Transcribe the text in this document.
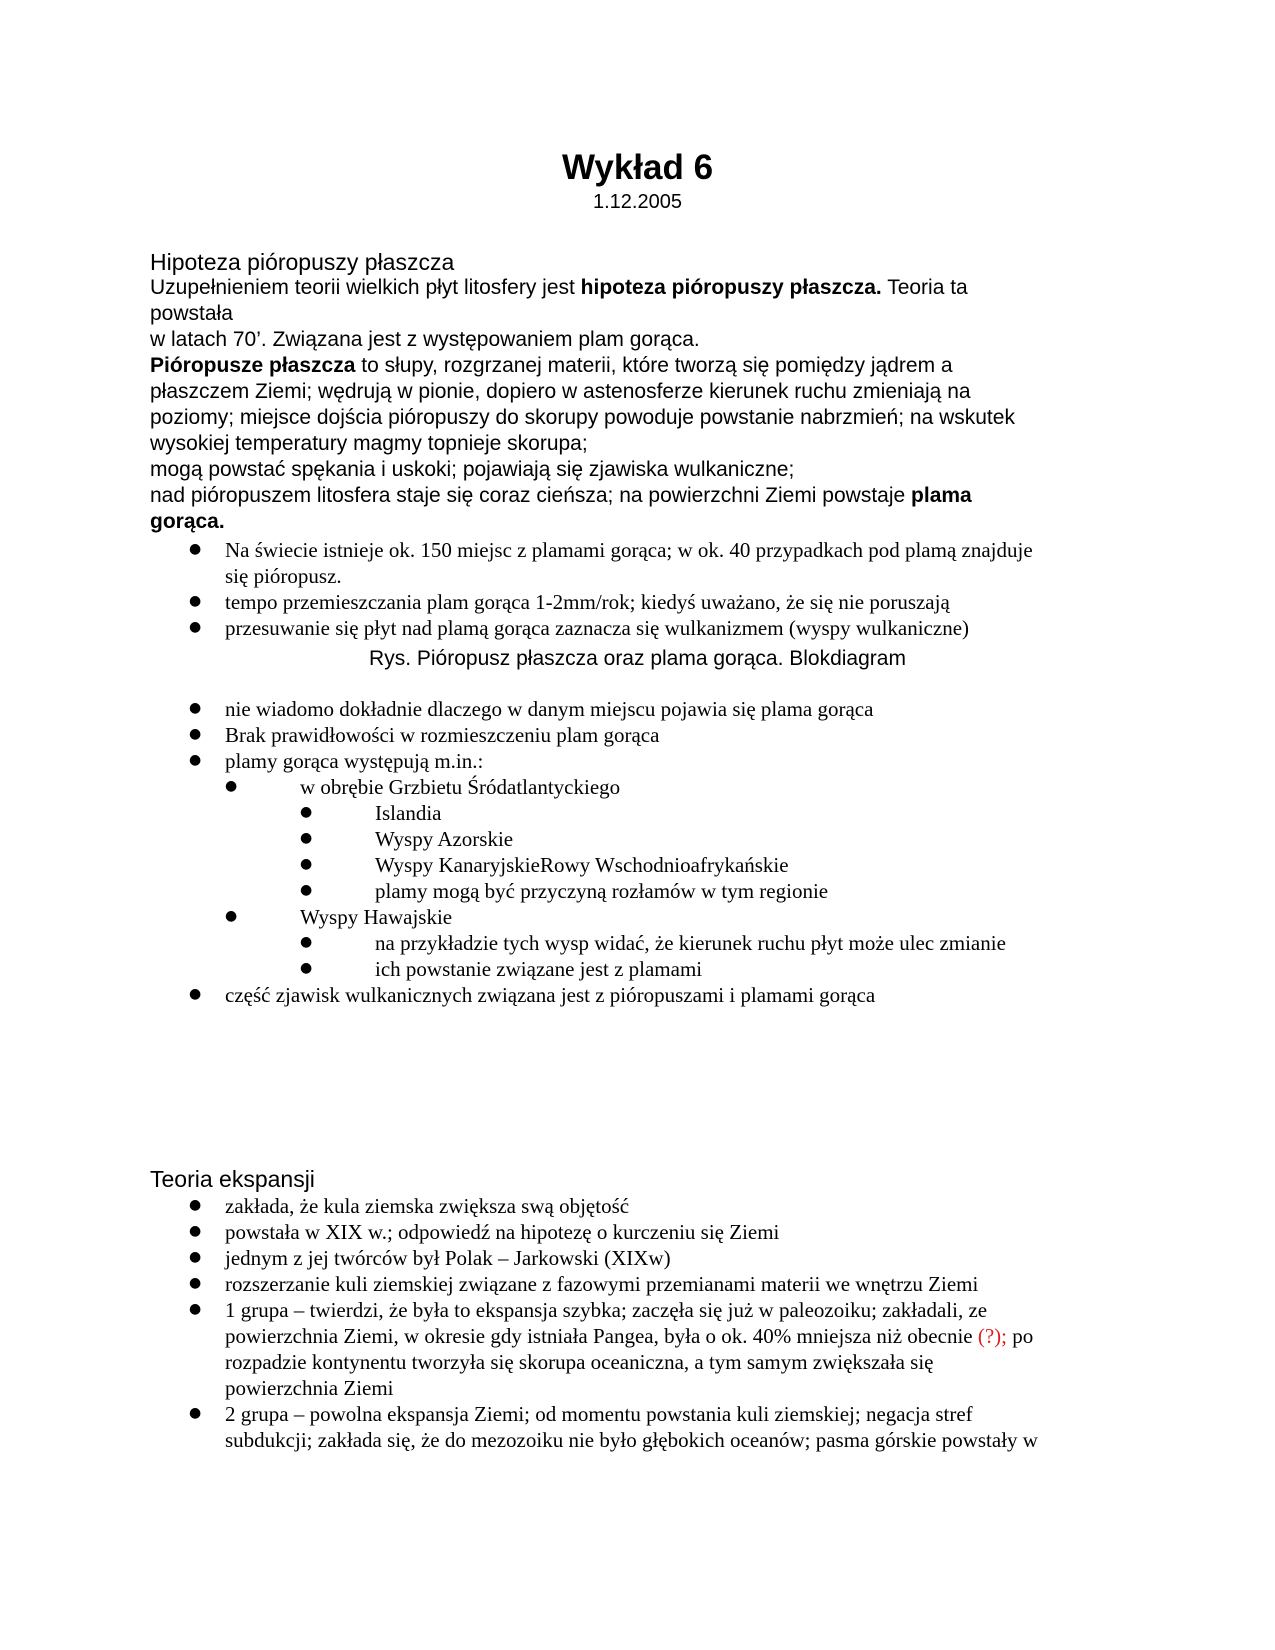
Wykład 6
1.12.2005
Hipoteza pióropuszy płaszcza
Uzupełnieniem teorii wielkich płyt litosfery jest hipoteza pióropuszy płaszcza. Teoria ta
powstała
w latach 70’. Związana jest z występowaniem plam gorąca.
Pióropusze płaszcza to słupy, rozgrzanej materii, które tworzą się pomiędzy jądrem a
płaszczem Ziemi; wędrują w pionie, dopiero w astenosferze kierunek ruchu zmieniają na
poziomy; miejsce dojścia pióropuszy do skorupy powoduje powstanie nabrzmień; na wskutek
wysokiej temperatury magmy topnieje skorupa;
mogą powstać spękania i uskoki; pojawiają się zjawiska wulkaniczne;
nad pióropuszem litosfera staje się coraz cieńsza; na powierzchni Ziemi powstaje plama
gorąca.
● Na świecie istnieje ok. 150 miejsc z plamami gorąca; w ok. 40 przypadkach pod plamą znajduje
się pióropusz.
● tempo przemieszczania plam gorąca 1-2mm/rok; kiedyś uważano, że się nie poruszają
● przesuwanie się płyt nad plamą gorąca zaznacza się wulkanizmem (wyspy wulkaniczne)
Rys. Pióropusz płaszcza oraz plama gorąca. Blokdiagram
● nie wiadomo dokładnie dlaczego w danym miejscu pojawia się plama gorąca
● Brak prawidłowości w rozmieszczeniu plam gorąca
● plamy gorąca występują m.in.:
●	w obrębie Grzbietu Śródatlantyckiego
●	Islandia
●	Wyspy Azorskie
●	Wyspy KanaryjskieRowy Wschodnioafrykańskie
●	plamy mogą być przyczyną rozłamów w tym regionie
●	Wyspy Hawajskie
●	na przykładzie tych wysp widać, że kierunek ruchu płyt może ulec zmianie
●	ich powstanie związane jest z plamami
● część zjawisk wulkanicznych związana jest z pióropuszami i plamami gorąca
Teoria ekspansji
● zakłada, że kula ziemska zwiększa swą objętość
● powstała w XIX w.; odpowiedź na hipotezę o kurczeniu się Ziemi
● jednym z jej twórców był Polak – Jarkowski (XIXw)
● rozszerzanie kuli ziemskiej związane z fazowymi przemianami materii we wnętrzu Ziemi
● 1 grupa – twierdzi, że była to ekspansja szybka; zaczęła się już w paleozoiku; zakładali, ze
powierzchnia Ziemi, w okresie gdy istniała Pangea, była o ok. 40% mniejsza niż obecnie (?); po
rozpadzie kontynentu tworzyła się skorupa oceaniczna, a tym samym zwiększała się
powierzchnia Ziemi
● 2 grupa – powolna ekspansja Ziemi; od momentu powstania kuli ziemskiej; negacja stref
subdukcji; zakłada się, że do mezozoiku nie było głębokich oceanów; pasma górskie powstały w
